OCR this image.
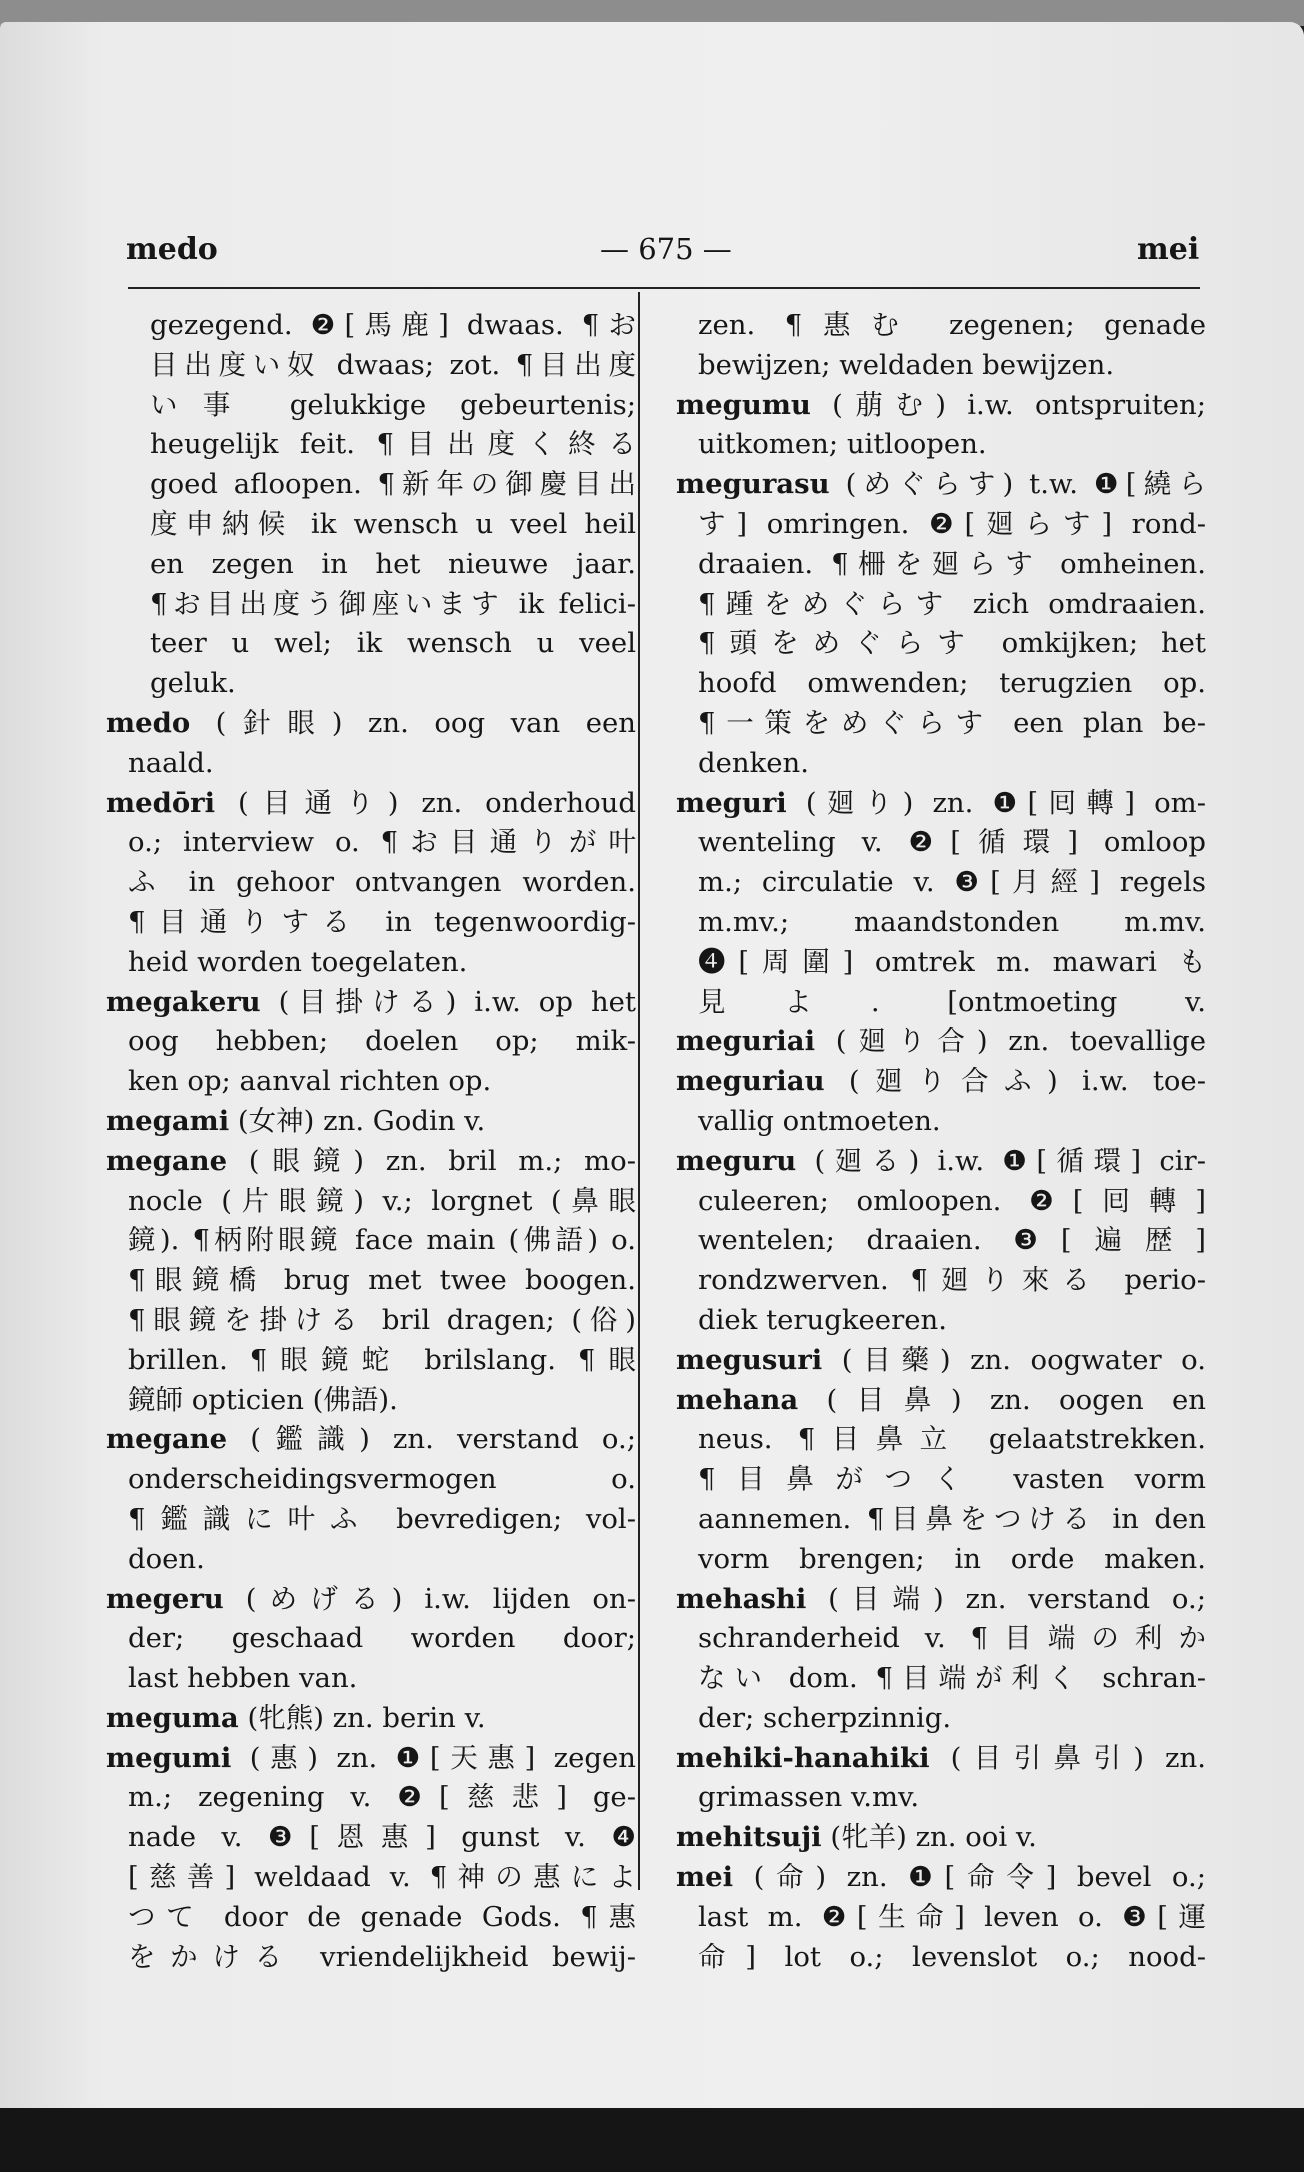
medo	— 675 —	mei
gezegend. ❷[馬鹿] dwaas. ¶お
目出度い奴 dwaas; zot. ¶目出度
い事 gelukkige gebeurtenis;
heugelijk feit. ¶目出度く終る
goed afloopen. ¶新年の御慶目出
度申納候 ik wensch u veel heil
en zegen in het nieuwe jaar.
¶お目出度う御座います ik felici-
teer u wel; ik wensch u veel
geluk.
medo (針眼) zn. oog van een
naald.
medōri (目通り) zn. onderhoud
o.; interview o. ¶お目通りが叶
ふ in gehoor ontvangen worden.
¶目通りする in tegenwoordig-
heid worden toegelaten.
megakeru (目掛ける) i.w. op het
oog hebben; doelen op; mik-
ken op; aanval richten op.
megami (女神) zn. Godin v.
megane (眼鏡) zn. bril m.; mo-
nocle (片眼鏡) v.; lorgnet (鼻眼
鏡). ¶柄附眼鏡 face main (佛語) o.
¶眼鏡橋 brug met twee boogen.
¶眼鏡を掛ける bril dragen; (俗)
brillen. ¶眼鏡蛇 brilslang. ¶眼
鏡師 opticien (佛語).
megane (鑑識) zn. verstand o.;
onderscheidingsvermogen o.
¶鑑識に叶ふ bevredigen; vol-
doen.
megeru (めげる) i.w. lijden on-
der; geschaad worden door;
last hebben van.
meguma (牝熊) zn. berin v.
megumi (惠) zn. ❶[天惠] zegen
m.; zegening v. ❷[慈悲] ge-
nade v. ❸[恩惠] gunst v. ❹
[慈善] weldaad v. ¶神の惠によ
つて door de genade Gods. ¶惠
をかける vriendelijkheid bewij-
zen. ¶惠む zegenen; genade
bewijzen; weldaden bewijzen.
megumu (萠む) i.w. ontspruiten;
uitkomen; uitloopen.
megurasu (めぐらす) t.w. ❶[繞ら
す] omringen. ❷[廻らす] rond-
draaien. ¶柵を廻らす omheinen.
¶踵をめぐらす zich omdraaien.
¶頭をめぐらす omkijken; het
hoofd omwenden; terugzien op.
¶一策をめぐらす een plan be-
denken.
meguri (廻り) zn. ❶[囘轉] om-
wenteling v. ❷[循環] omloop
m.; circulatie v. ❸[月經] regels
m.mv.; maandstonden m.mv.
❹[周圍] omtrek m. mawari も
見よ. [ontmoeting v.
meguriai (廻り合) zn. toevallige
meguriau (廻り合ふ) i.w. toe-
vallig ontmoeten.
meguru (廻る) i.w. ❶[循環] cir-
culeeren; omloopen. ❷[囘轉]
wentelen; draaien. ❸[遍歴]
rondzwerven. ¶廻り來る perio-
diek terugkeeren.
megusuri (目藥) zn. oogwater o.
mehana (目鼻) zn. oogen en
neus. ¶目鼻立 gelaatstrekken.
¶目鼻がつく vasten vorm
aannemen. ¶目鼻をつける in den
vorm brengen; in orde maken.
mehashi (目端) zn. verstand o.;
schranderheid v. ¶目端の利か
ない dom. ¶目端が利く schran-
der; scherpzinnig.
mehiki-hanahiki (目引鼻引) zn.
grimassen v.mv.
mehitsuji (牝羊) zn. ooi v.
mei (命) zn. ❶[命令] bevel o.;
last m. ❷[生命] leven o. ❸[運
命] lot o.; levenslot o.; nood-
